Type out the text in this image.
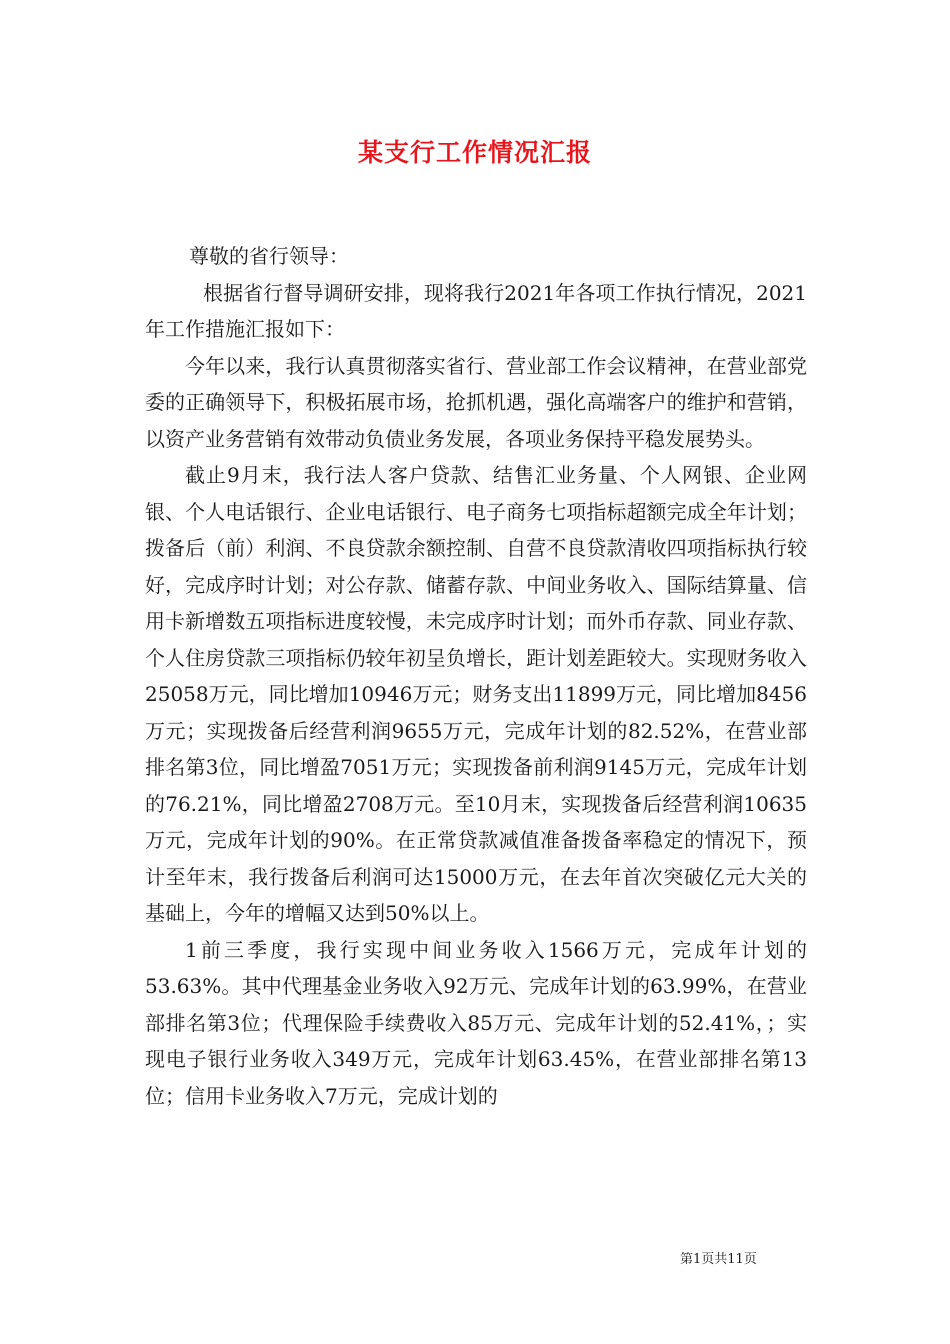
某支行工作情况汇报

尊敬的省行领导：

根据省行督导调研安排，现将我行2021年各项工作执行情况，2021年工作措施汇报如下：

今年以来，我行认真贯彻落实省行、营业部工作会议精神，在营业部党委的正确领导下，积极拓展市场，抢抓机遇，强化高端客户的维护和营销，以资产业务营销有效带动负债业务发展，各项业务保持平稳发展势头。

截止9月末，我行法人客户贷款、结售汇业务量、个人网银、企业网银、个人电话银行、企业电话银行、电子商务七项指标超额完成全年计划；拨备后（前）利润、不良贷款余额控制、自营不良贷款清收四项指标执行较好，完成序时计划；对公存款、储蓄存款、中间业务收入、国际结算量、信用卡新增数五项指标进度较慢，未完成序时计划；而外币存款、同业存款、个人住房贷款三项指标仍较年初呈负增长，距计划差距较大。实现财务收入25058万元，同比增加10946万元；财务支出11899万元，同比增加8456万元；实现拨备后经营利润9655万元，完成年计划的82.52%，在营业部排名第3位，同比增盈7051万元；实现拨备前利润9145万元，完成年计划的76.21%，同比增盈2708万元。至10月末，实现拨备后经营利润10635万元，完成年计划的90%。在正常贷款减值准备拨备率稳定的情况下，预计至年末，我行拨备后利润可达15000万元，在去年首次突破亿元大关的基础上，今年的增幅又达到50%以上。

1前三季度，我行实现中间业务收入1566万元，完成年计划的53.63%。其中代理基金业务收入92万元、完成年计划的63.99%，在营业部排名第3位；代理保险手续费收入85万元、完成年计划的52.41%，；实现电子银行业务收入349万元，完成年计划63.45%，在营业部排名第13位；信用卡业务收入7万元，完成计划的

第1页共11页
